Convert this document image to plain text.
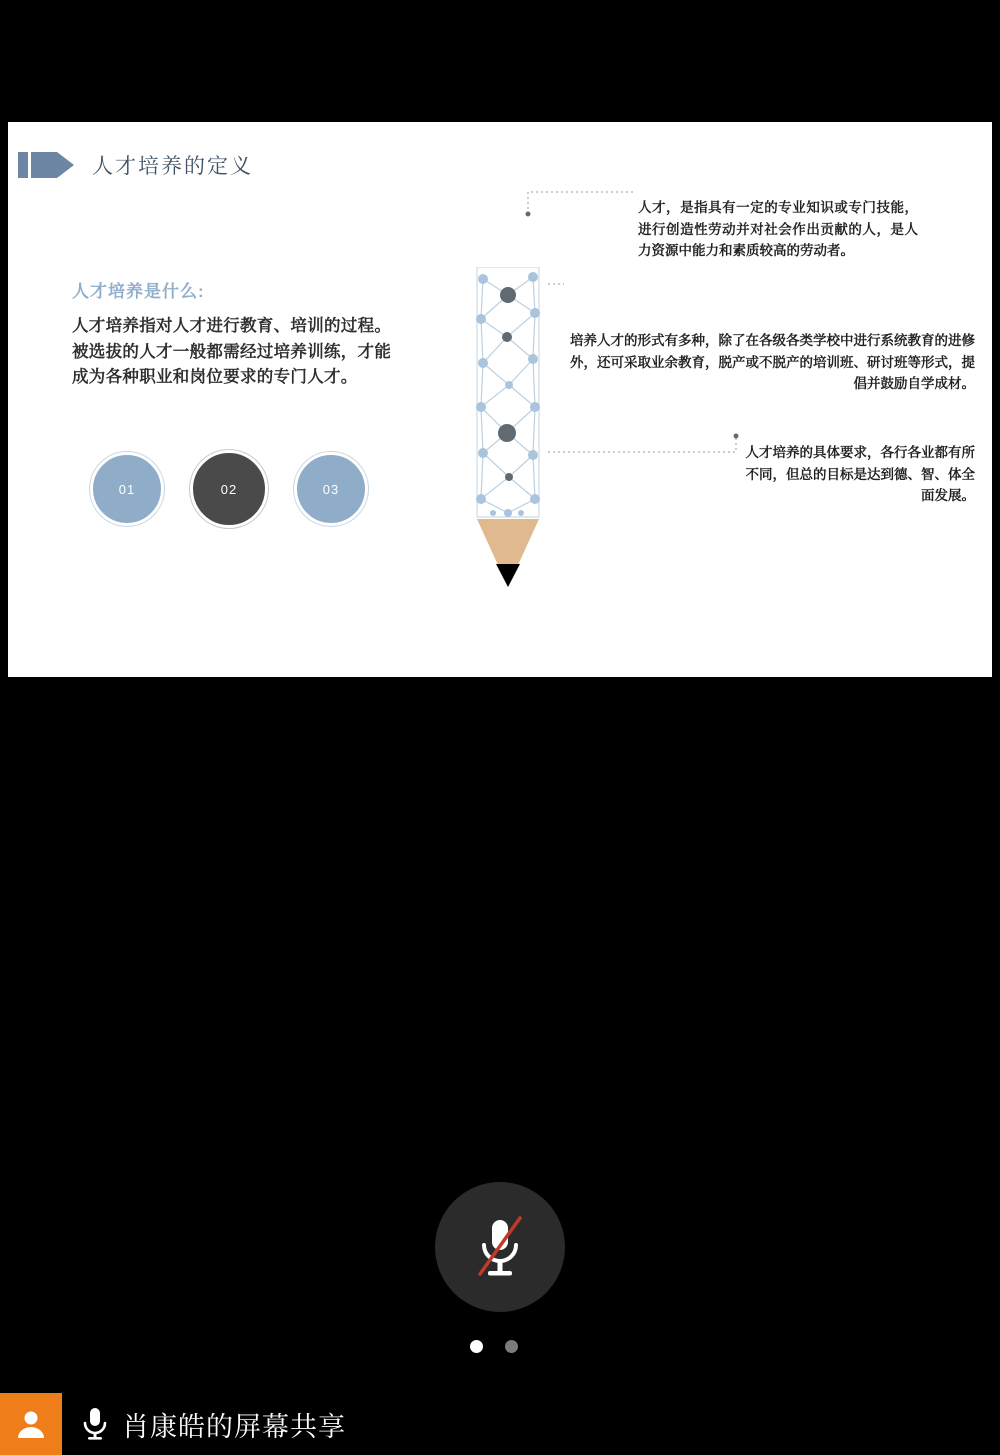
人才培养的定义
人才培养是什么:
人才培养指对人才进行教育、培训的过程。被选拔的人才一般都需经过培养训练，才能成为各种职业和岗位要求的专门人才。
01	02	03
人才，是指具有一定的专业知识或专门技能，进行创造性劳动并对社会作出贡献的人，是人力资源中能力和素质较高的劳动者。
培养人才的形式有多种，除了在各级各类学校中进行系统教育的进修外，还可采取业余教育，脱产或不脱产的培训班、研讨班等形式，提倡并鼓励自学成材。
人才培养的具体要求，各行各业都有所不同，但总的目标是达到德、智、体全面发展。
肖康皓的屏幕共享
